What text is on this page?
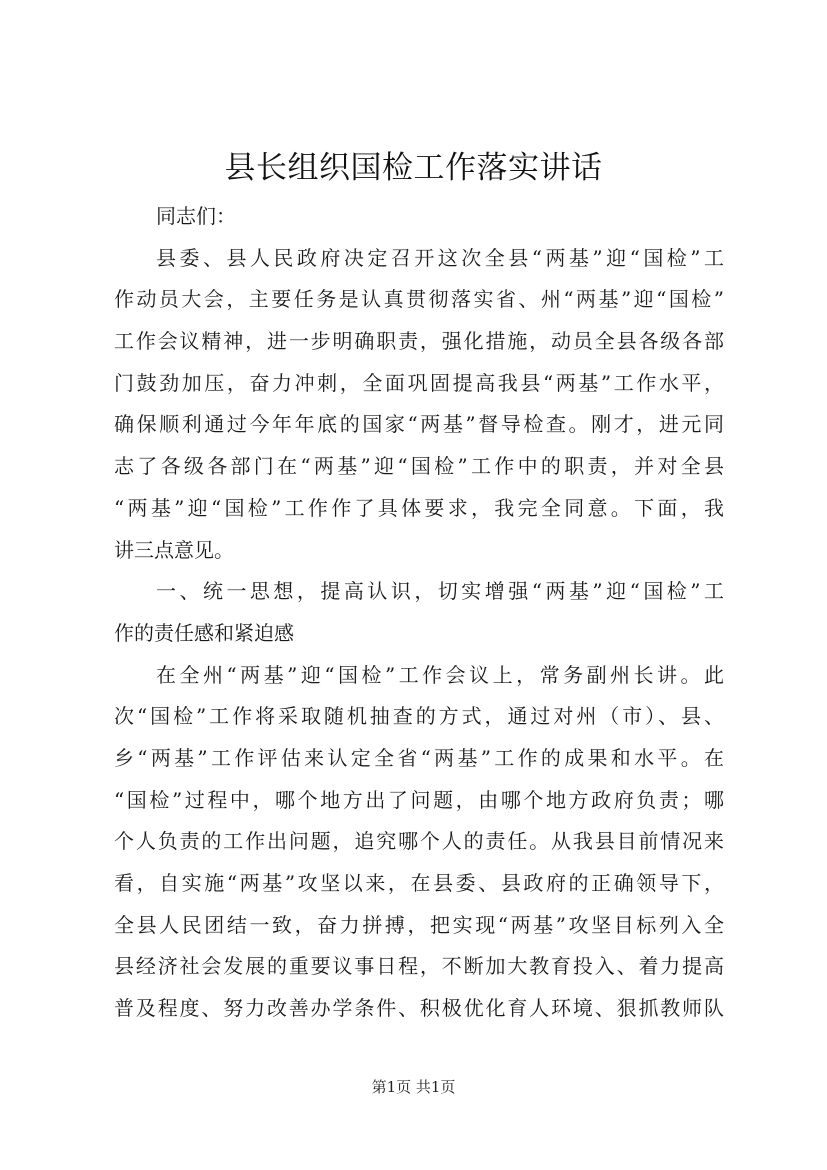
县长组织国检工作落实讲话
同志们：
县委、县人民政府决定召开这次全县“两基”迎“国检”工
作动员大会，主要任务是认真贯彻落实省、州“两基”迎“国检”
工作会议精神，进一步明确职责，强化措施，动员全县各级各部
门鼓劲加压，奋力冲刺，全面巩固提高我县“两基”工作水平，
确保顺利通过今年年底的国家“两基”督导检查。刚才，进元同
志了各级各部门在“两基”迎“国检”工作中的职责，并对全县
“两基”迎“国检”工作作了具体要求，我完全同意。下面，我
讲三点意见。
一、统一思想，提高认识，切实增强“两基”迎“国检”工
作的责任感和紧迫感
在全州“两基”迎“国检”工作会议上，常务副州长讲。此
次“国检”工作将采取随机抽查的方式，通过对州（市）、县、
乡“两基”工作评估来认定全省“两基”工作的成果和水平。在
“国检”过程中，哪个地方出了问题，由哪个地方政府负责；哪
个人负责的工作出问题，追究哪个人的责任。从我县目前情况来
看，自实施“两基”攻坚以来，在县委、县政府的正确领导下，
全县人民团结一致，奋力拼搏，把实现“两基”攻坚目标列入全
县经济社会发展的重要议事日程，不断加大教育投入、着力提高
普及程度、努力改善办学条件、积极优化育人环境、狠抓教师队
第1页 共1页
